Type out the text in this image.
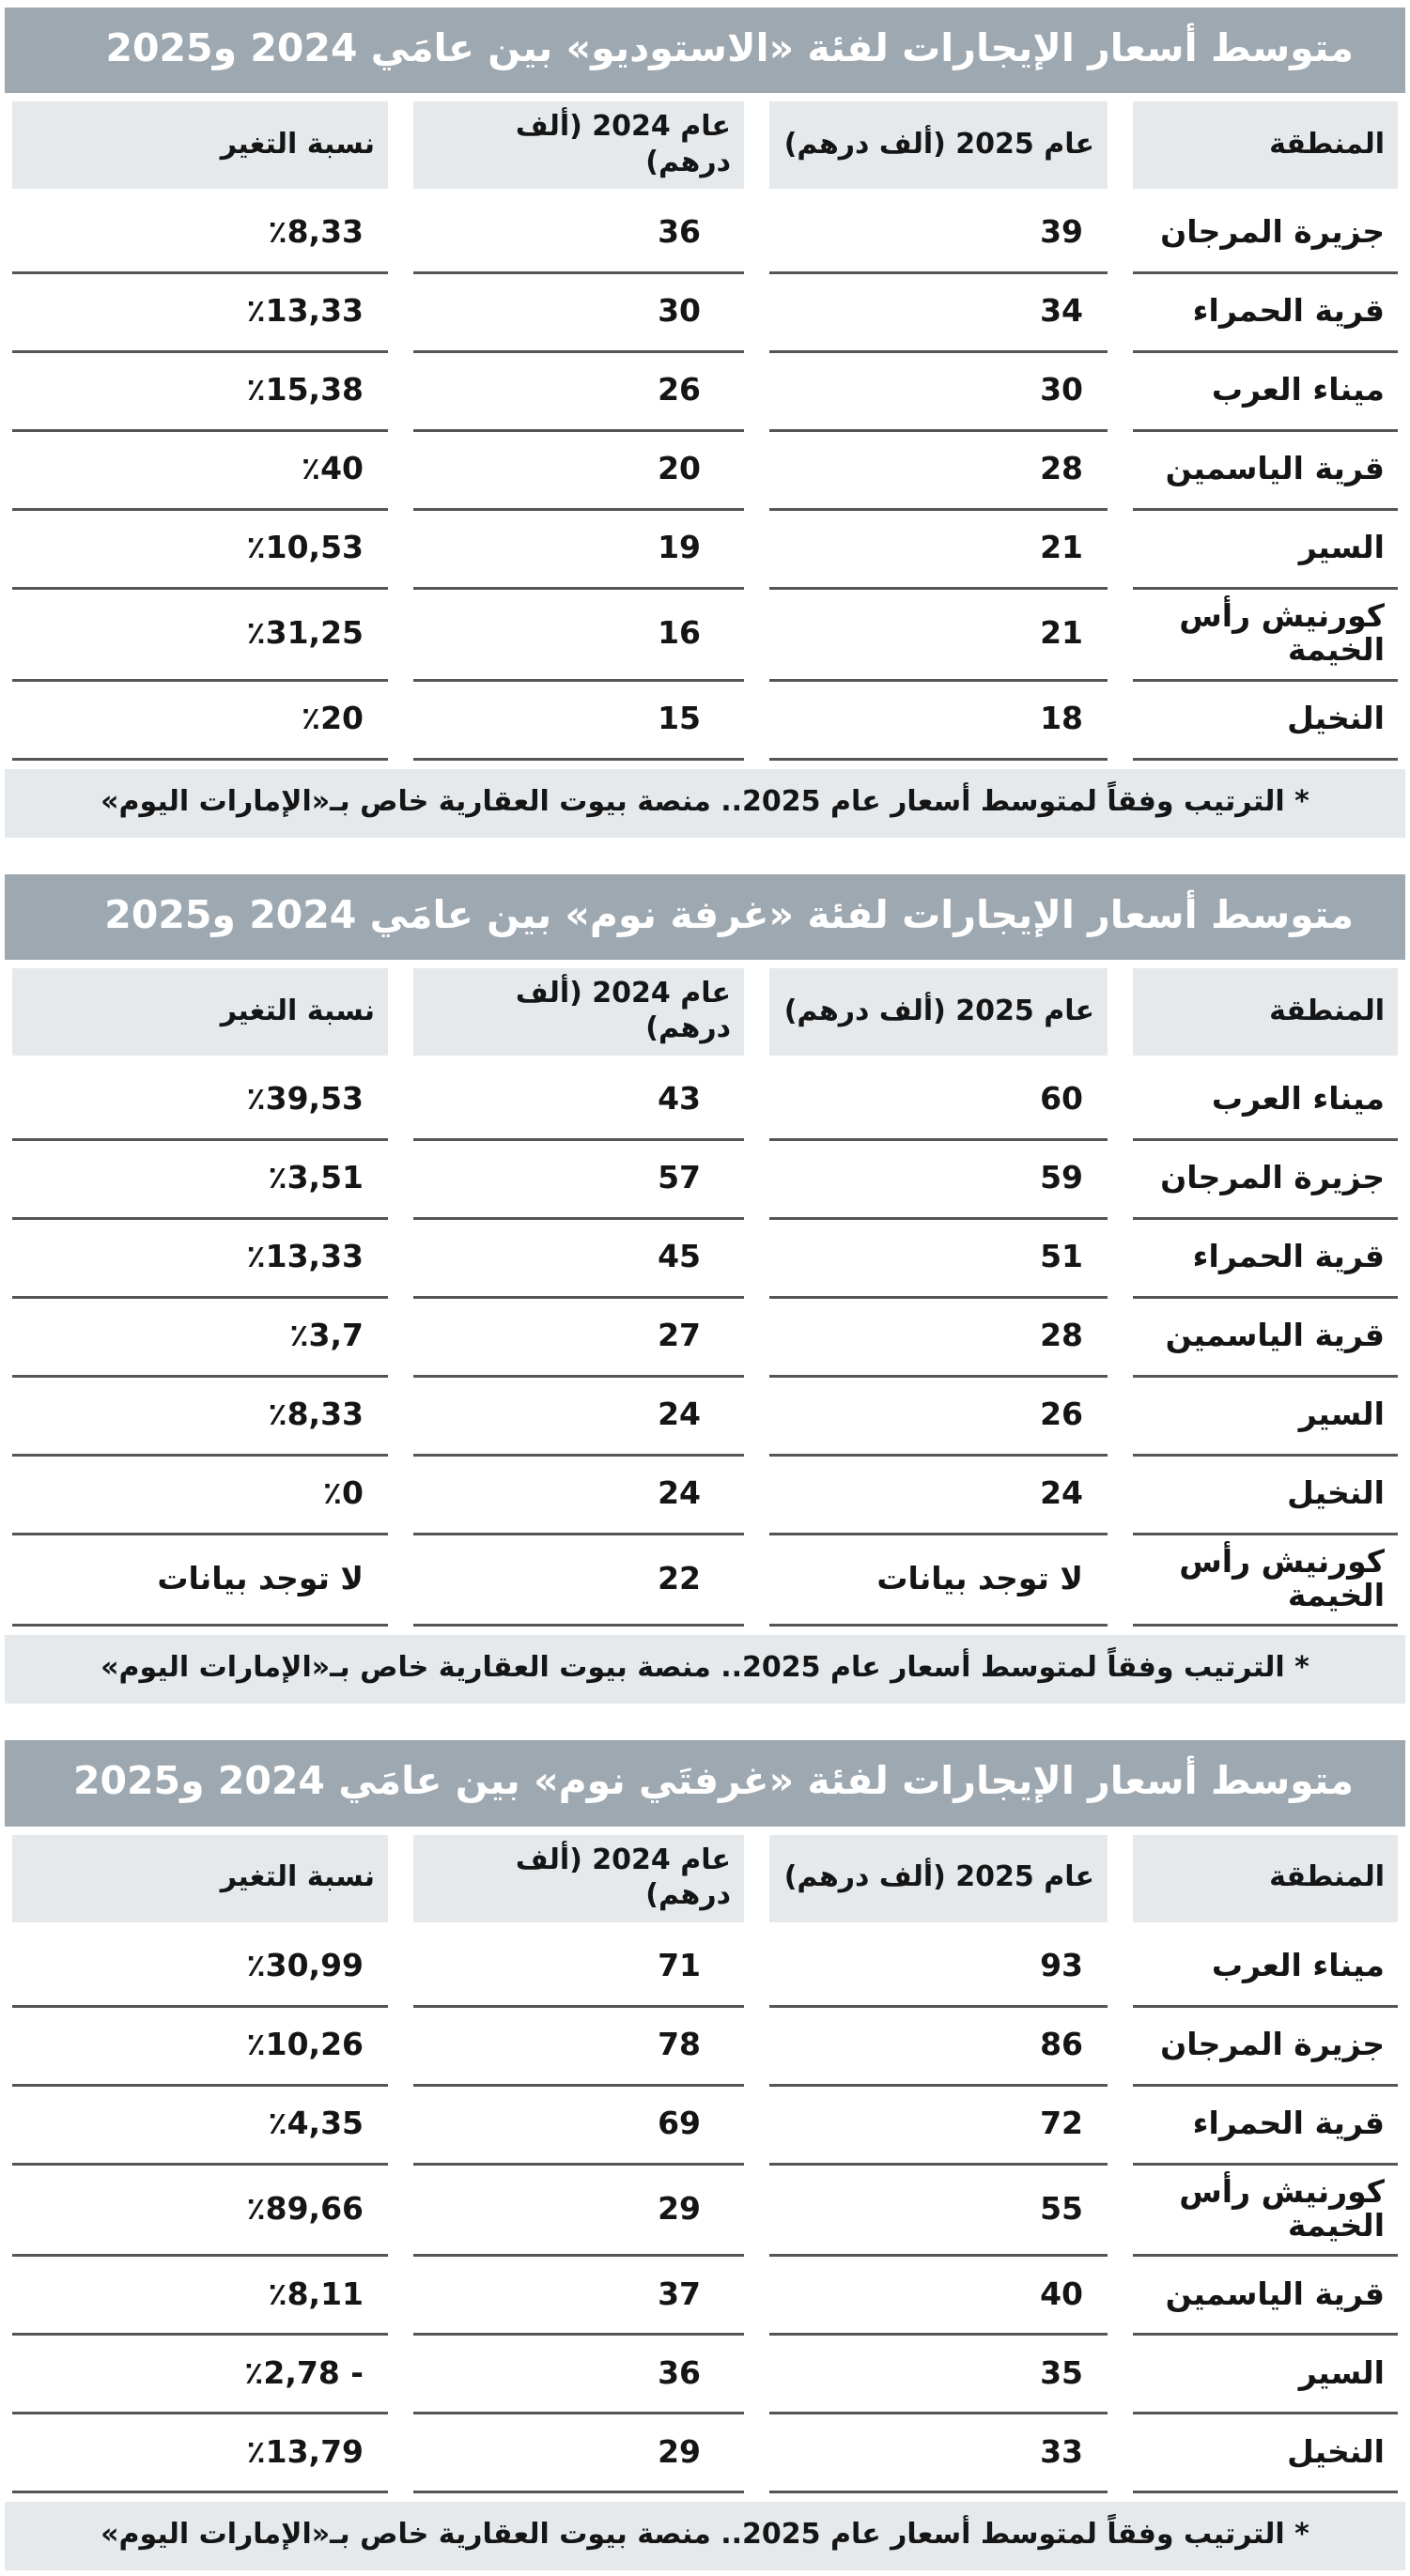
متوسط أسعار الإيجارات لفئة «الاستوديو» بين عامَي 2024 و2025
المنطقة
عام 2025 (ألف درهم)
عام 2024 (ألف درهم)
نسبة التغير
جزيرة المرجان
39
36
٪8,33
قرية الحمراء
34
30
٪13,33
ميناء العرب
30
26
٪15,38
قرية الياسمين
28
20
٪40
السير
21
19
٪10,53
كورنيش رأس الخيمة
21
16
٪31,25
النخيل
18
15
٪20
* الترتيب وفقاً لمتوسط أسعار عام 2025.. منصة بيوت العقارية خاص بـ«الإمارات اليوم»
متوسط أسعار الإيجارات لفئة «غرفة نوم» بين عامَي 2024 و2025
المنطقة
عام 2025 (ألف درهم)
عام 2024 (ألف درهم)
نسبة التغير
ميناء العرب
60
43
٪39,53
جزيرة المرجان
59
57
٪3,51
قرية الحمراء
51
45
٪13,33
قرية الياسمين
28
27
٪3,7
السير
26
24
٪8,33
النخيل
24
24
٪0
كورنيش رأس الخيمة
لا توجد بيانات
22
لا توجد بيانات
* الترتيب وفقاً لمتوسط أسعار عام 2025.. منصة بيوت العقارية خاص بـ«الإمارات اليوم»
متوسط أسعار الإيجارات لفئة «غرفتَي نوم» بين عامَي 2024 و2025
المنطقة
عام 2025 (ألف درهم)
عام 2024 (ألف درهم)
نسبة التغير
ميناء العرب
93
71
٪30,99
جزيرة المرجان
86
78
٪10,26
قرية الحمراء
72
69
٪4,35
كورنيش رأس الخيمة
55
29
٪89,66
قرية الياسمين
40
37
٪8,11
السير
35
36
- ٪2,78
النخيل
33
29
٪13,79
* الترتيب وفقاً لمتوسط أسعار عام 2025.. منصة بيوت العقارية خاص بـ«الإمارات اليوم»
